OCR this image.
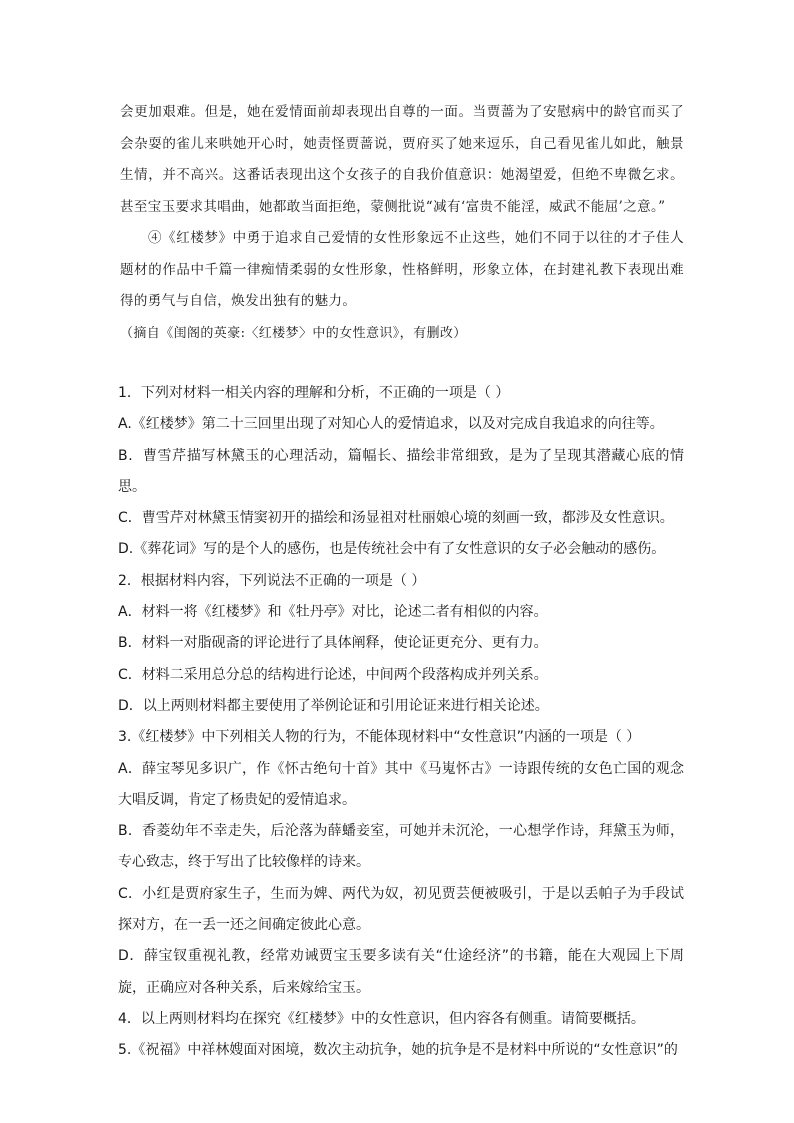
会更加艰难。但是，她在爱情面前却表现出自尊的一面。当贾蔷为了安慰病中的龄官而买了会杂耍的雀儿来哄她开心时，她责怪贾蔷说，贾府买了她来逗乐，自己看见雀儿如此，触景生情，并不高兴。这番话表现出这个女孩子的自我价值意识：她渴望爱，但绝不卑微乞求。甚至宝玉要求其唱曲，她都敢当面拒绝，蒙侧批说“减有‘富贵不能淫，威武不能屈’之意。”

④《红楼梦》中勇于追求自己爱情的女性形象远不止这些，她们不同于以往的才子佳人题材的作品中千篇一律痴情柔弱的女性形象，性格鲜明，形象立体，在封建礼教下表现出难得的勇气与自信，焕发出独有的魅力。

（摘自《闺阁的英豪:〈红楼梦〉中的女性意识》，有删改）

1．下列对材料一相关内容的理解和分析，不正确的一项是（ ）

A.《红楼梦》第二十三回里出现了对知心人的爱情追求，以及对完成自我追求的向往等。

B．曹雪芹描写林黛玉的心理活动，篇幅长、描绘非常细致，是为了呈现其潜藏心底的情思。

C．曹雪芹对林黛玉情窦初开的描绘和汤显祖对杜丽娘心境的刻画一致，都涉及女性意识。

D.《葬花词》写的是个人的感伤，也是传统社会中有了女性意识的女子必会触动的感伤。

2．根据材料内容，下列说法不正确的一项是（ ）

A．材料一将《红楼梦》和《牡丹亭》对比，论述二者有相似的内容。

B．材料一对脂砚斋的评论进行了具体阐释，使论证更充分、更有力。

C．材料二采用总分总的结构进行论述，中间两个段落构成并列关系。

D．以上两则材料都主要使用了举例论证和引用论证来进行相关论述。

3.《红楼梦》中下列相关人物的行为，不能体现材料中“女性意识”内涵的一项是（ ）

A．薛宝琴见多识广，作《怀古绝句十首》其中《马嵬怀古》一诗跟传统的女色亡国的观念大唱反调，肯定了杨贵妃的爱情追求。

B．香菱幼年不幸走失，后沦落为薛蟠妾室，可她并未沉沦，一心想学作诗，拜黛玉为师，专心致志，终于写出了比较像样的诗来。

C．小红是贾府家生子，生而为婢、两代为奴，初见贾芸便被吸引，于是以丢帕子为手段试探对方，在一丢一还之间确定彼此心意。

D．薛宝钗重视礼教，经常劝诫贾宝玉要多读有关“仕途经济”的书籍，能在大观园上下周旋，正确应对各种关系，后来嫁给宝玉。

4．以上两则材料均在探究《红楼梦》中的女性意识，但内容各有侧重。请简要概括。

5.《祝福》中祥林嫂面对困境，数次主动抗争，她的抗争是不是材料中所说的“女性意识”的
